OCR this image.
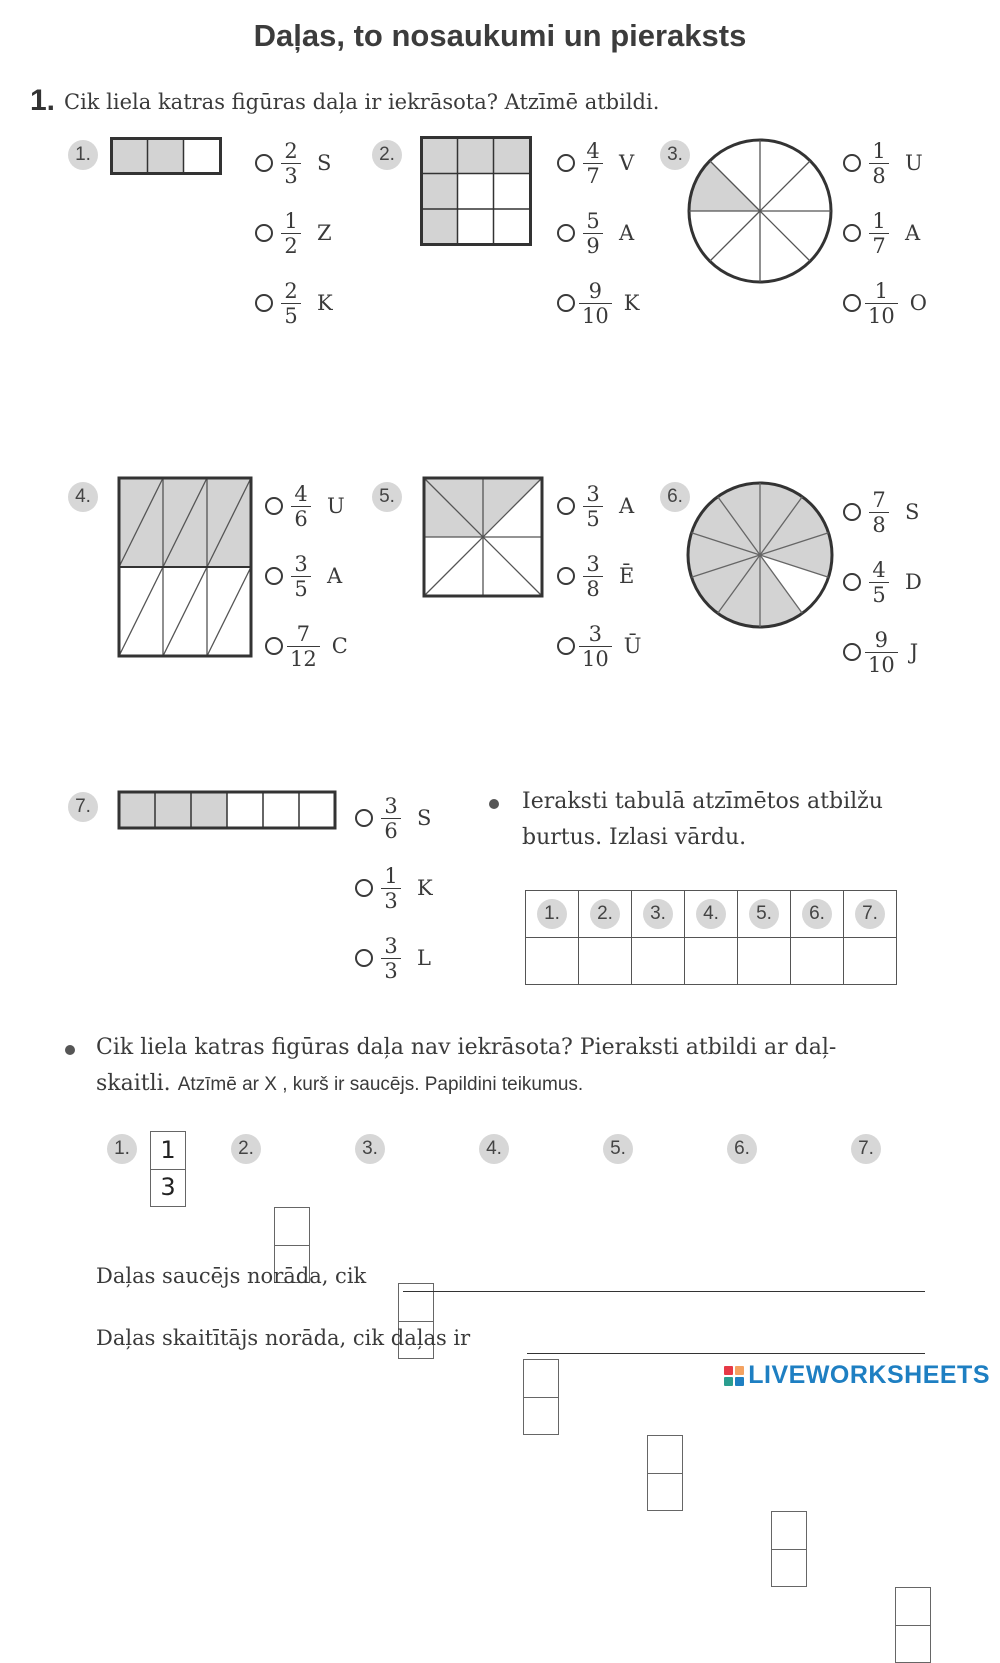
Daļas, to nosaukumi un pieraksts
1. Cik liela katras figūras daļa ir iekrāsota? Atzīmē atbildi.
1.	$\frac{2}{3}$ S
$\frac{1}{2}$ Z
$\frac{2}{5}$ K
2.	$\frac{4}{7}$ V
$\frac{5}{9}$ A
$\frac{9}{10}$ K
3.	$\frac{1}{8}$ U
$\frac{1}{7}$ A
$\frac{1}{10}$ O
4.	$\frac{4}{6}$ U
$\frac{3}{5}$ A
$\frac{7}{12}$ C
5.	$\frac{3}{5}$ A
$\frac{3}{8}$ Ē
$\frac{3}{10}$ Ū
6.	$\frac{7}{8}$ S
$\frac{4}{5}$ D
$\frac{9}{10}$ J
7.	$\frac{3}{6}$ S
$\frac{1}{3}$ K
$\frac{3}{3}$ L
Ieraksti tabulā atzīmētos atbilžu
burtus. Izlasi vārdu.
1.	2.	3.	4.	5.	6.	7.

Cik liela katras figūras daļa nav iekrāsota? Pieraksti atbildi ar daļ-
skaitli. Atzīmē ar X , kurš ir saucējs. Papildini teikumus.
1.	1
3
2.	3.	4.	5.	6.	7.
Daļas saucējs norāda, cik
Daļas skaitītājs norāda, cik daļas ir
LIVEWORKSHEETS
